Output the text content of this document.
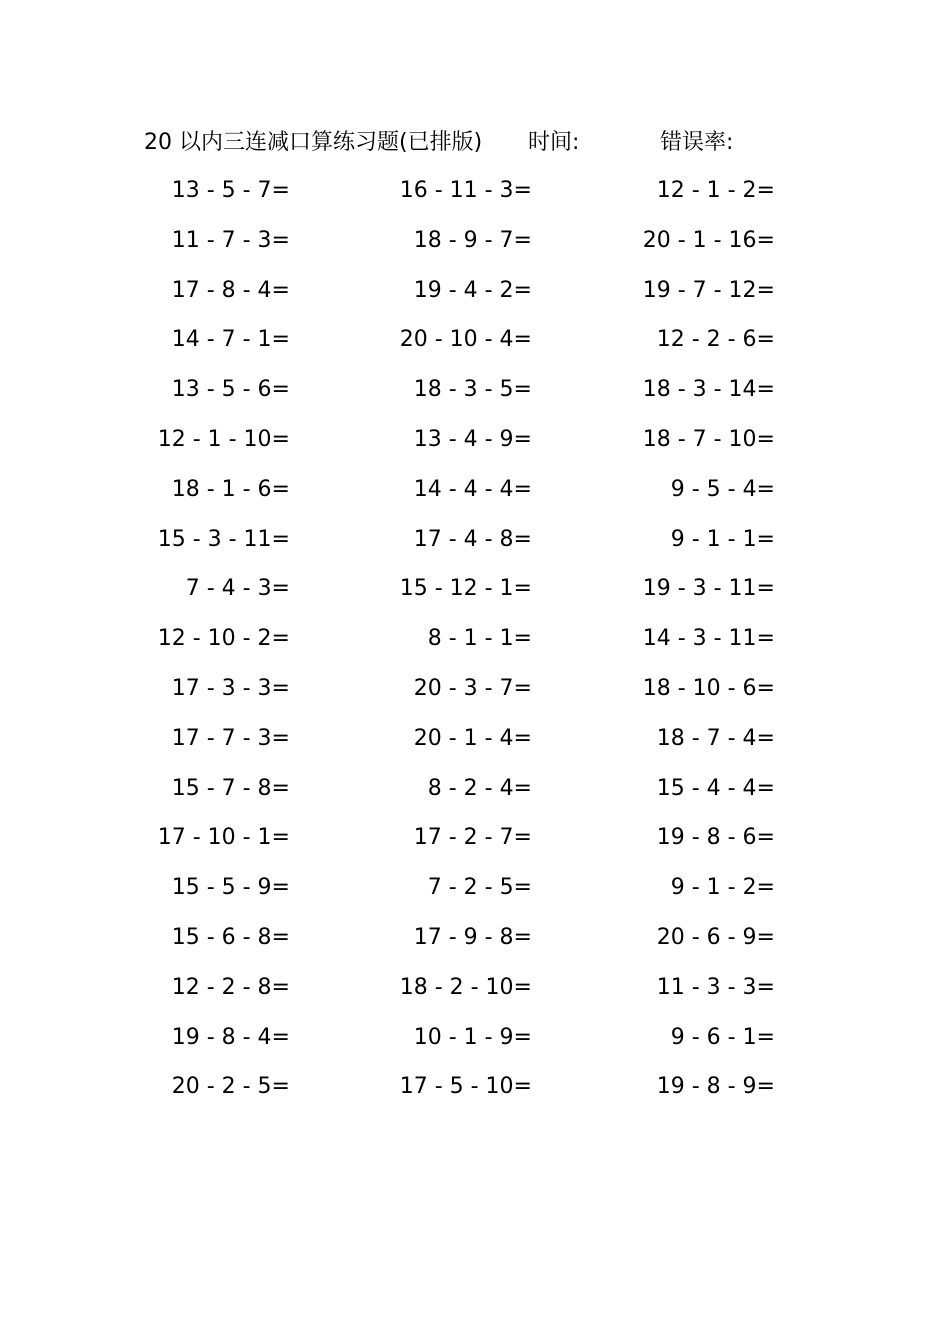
20 以内三连减口算练习题(已排版) 时间:	错误率:
13 - 5 - 7=	16 - 11 - 3=	12 - 1 - 2=
11 - 7 - 3=	18 - 9 - 7=	20 - 1 - 16=
17 - 8 - 4=	19 - 4 - 2=	19 - 7 - 12=
14 - 7 - 1=	20 - 10 - 4=	12 - 2 - 6=
13 - 5 - 6=	18 - 3 - 5=	18 - 3 - 14=
12 - 1 - 10=	13 - 4 - 9=	18 - 7 - 10=
18 - 1 - 6=	14 - 4 - 4=	9 - 5 - 4=
15 - 3 - 11=	17 - 4 - 8=	9 - 1 - 1=
7 - 4 - 3=	15 - 12 - 1=	19 - 3 - 11=
12 - 10 - 2=	8 - 1 - 1=	14 - 3 - 11=
17 - 3 - 3=	20 - 3 - 7=	18 - 10 - 6=
17 - 7 - 3=	20 - 1 - 4=	18 - 7 - 4=
15 - 7 - 8=	8 - 2 - 4=	15 - 4 - 4=
17 - 10 - 1=	17 - 2 - 7=	19 - 8 - 6=
15 - 5 - 9=	7 - 2 - 5=	9 - 1 - 2=
15 - 6 - 8=	17 - 9 - 8=	20 - 6 - 9=
12 - 2 - 8=	18 - 2 - 10=	11 - 3 - 3=
19 - 8 - 4=	10 - 1 - 9=	9 - 6 - 1=
20 - 2 - 5=	17 - 5 - 10=	19 - 8 - 9=
